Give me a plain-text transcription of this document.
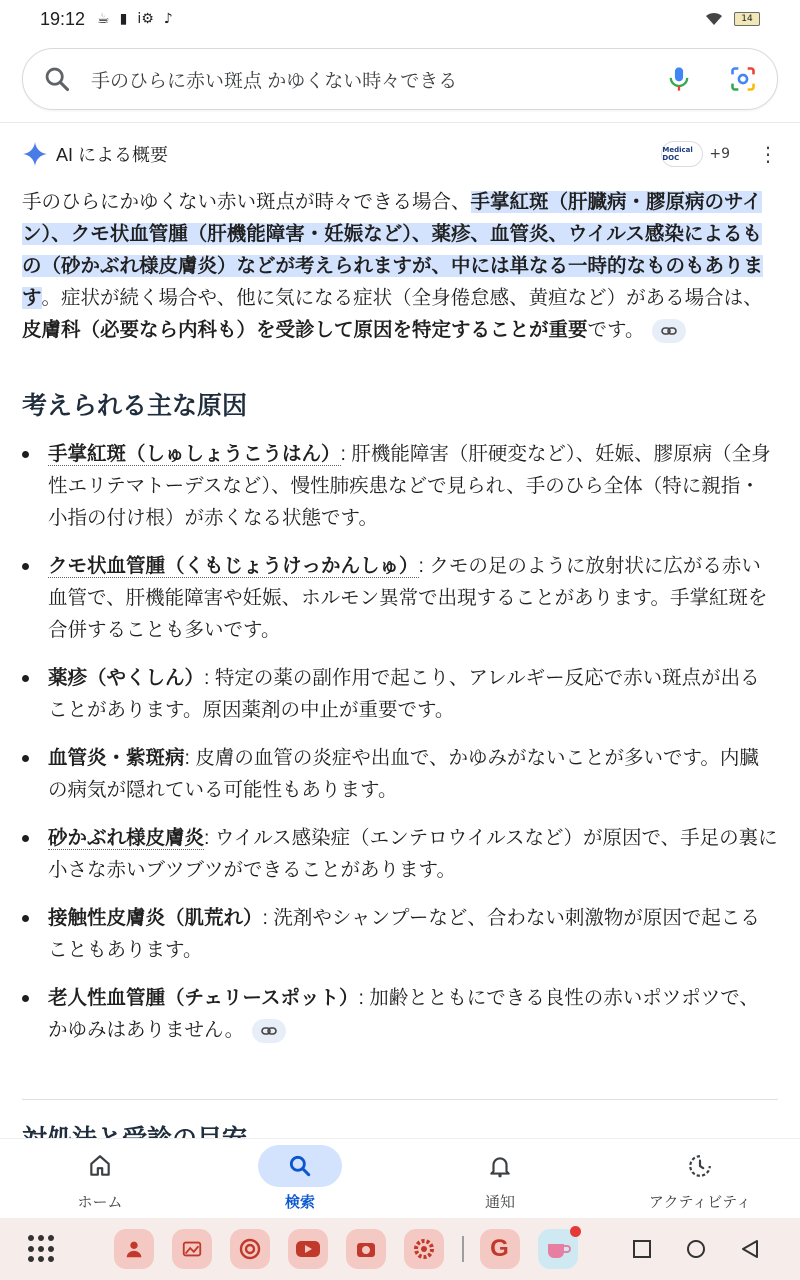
19:12 ☕ ▮ i⚙ ♪	14
手のひらに赤い斑点 かゆくない時々できる
AI による概要	Medical DOC	+9 ⋮

手のひらにかゆくない赤い斑点が時々できる場合、手掌紅斑（肝臓病・膠原病のサイン）、クモ状血管腫（肝機能障害・妊娠など）、薬疹、血管炎、ウイルス感染によるもの（砂かぶれ様皮膚炎）などが考えられますが、中には単なる一時的なものもあります。症状が続く場合や、他に気になる症状（全身倦怠感、黄疸など）がある場合は、皮膚科（必要なら内科も）を受診して原因を特定することが重要です。

考えられる主な原因
手掌紅斑（しゅしょうこうはん）: 肝機能障害（肝硬変など）、妊娠、膠原病（全身性エリテマトーデスなど）、慢性肺疾患などで見られ、手のひら全体（特に親指・小指の付け根）が赤くなる状態です。
クモ状血管腫（くもじょうけっかんしゅ）: クモの足のように放射状に広がる赤い血管で、肝機能障害や妊娠、ホルモン異常で出現することがあります。手掌紅斑を合併することも多いです。
薬疹（やくしん）: 特定の薬の副作用で起こり、アレルギー反応で赤い斑点が出ることがあります。原因薬剤の中止が重要です。
血管炎・紫斑病: 皮膚の血管の炎症や出血で、かゆみがないことが多いです。内臓の病気が隠れている可能性もあります。
砂かぶれ様皮膚炎: ウイルス感染症（エンテロウイルスなど）が原因で、手足の裏に小さな赤いブツブツができることがあります。
接触性皮膚炎（肌荒れ）: 洗剤やシャンプーなど、合わない刺激物が原因で起こることもあります。
老人性血管腫（チェリースポット）: 加齢とともにできる良性の赤いポツポツで、かゆみはありません。
ホーム	検索	通知	アクティビティ
G
